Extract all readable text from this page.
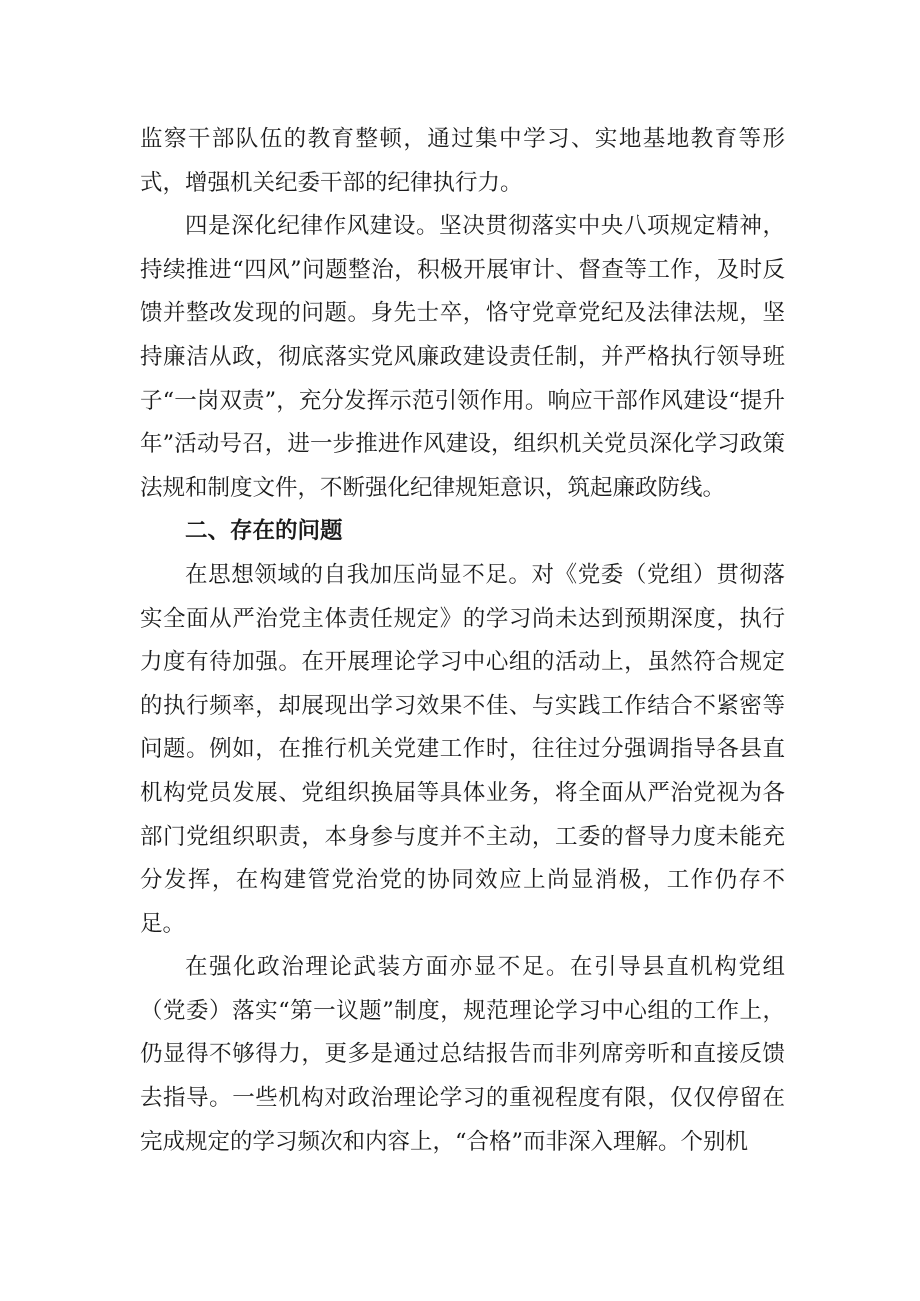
监察干部队伍的教育整顿，通过集中学习、实地基地教育等形式，增强机关纪委干部的纪律执行力。

四是深化纪律作风建设。坚决贯彻落实中央八项规定精神，持续推进“四风”问题整治，积极开展审计、督查等工作，及时反馈并整改发现的问题。身先士卒，恪守党章党纪及法律法规，坚持廉洁从政，彻底落实党风廉政建设责任制，并严格执行领导班子“一岗双责”，充分发挥示范引领作用。响应干部作风建设“提升年”活动号召，进一步推进作风建设，组织机关党员深化学习政策法规和制度文件，不断强化纪律规矩意识，筑起廉政防线。

二、存在的问题

在思想领域的自我加压尚显不足。对《党委（党组）贯彻落实全面从严治党主体责任规定》的学习尚未达到预期深度，执行力度有待加强。在开展理论学习中心组的活动上，虽然符合规定的执行频率，却展现出学习效果不佳、与实践工作结合不紧密等问题。例如，在推行机关党建工作时，往往过分强调指导各县直机构党员发展、党组织换届等具体业务，将全面从严治党视为各部门党组织职责，本身参与度并不主动，工委的督导力度未能充分发挥，在构建管党治党的协同效应上尚显消极，工作仍存不足。

在强化政治理论武装方面亦显不足。在引导县直机构党组（党委）落实“第一议题”制度，规范理论学习中心组的工作上，仍显得不够得力，更多是通过总结报告而非列席旁听和直接反馈去指导。一些机构对政治理论学习的重视程度有限，仅仅停留在完成规定的学习频次和内容上，“合格”而非深入理解。个别机
